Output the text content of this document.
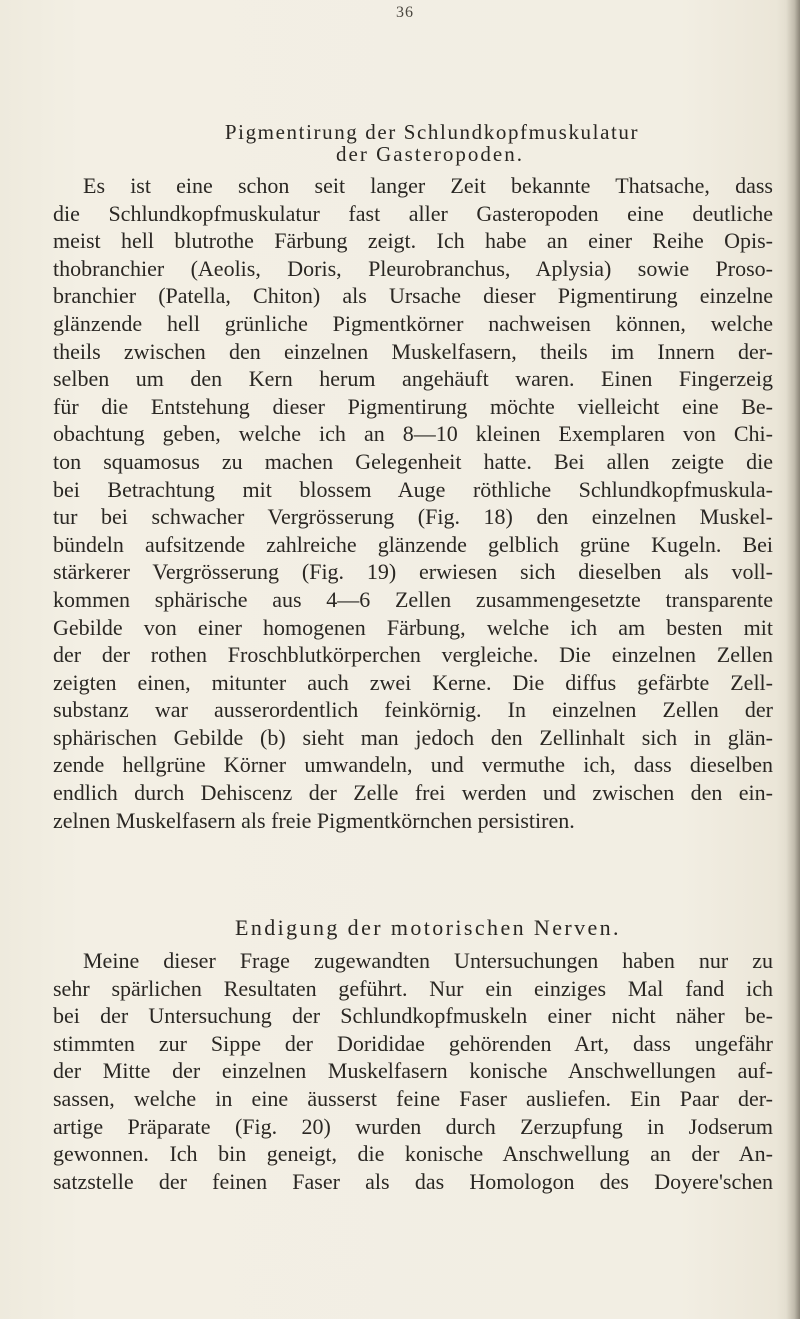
36
Pigmentirung der Schlundkopfmuskulatur
der Gasteropoden.
Es ist eine schon seit langer Zeit bekannte Thatsache, dass
die Schlundkopfmuskulatur fast aller Gasteropoden eine deutliche
meist hell blutrothe Färbung zeigt. Ich habe an einer Reihe Opis-
thobranchier (Aeolis, Doris, Pleurobranchus, Aplysia) sowie Proso-
branchier (Patella, Chiton) als Ursache dieser Pigmentirung einzelne
glänzende hell grünliche Pigmentkörner nachweisen können, welche
theils zwischen den einzelnen Muskelfasern, theils im Innern der-
selben um den Kern herum angehäuft waren. Einen Fingerzeig
für die Entstehung dieser Pigmentirung möchte vielleicht eine Be-
obachtung geben, welche ich an 8—10 kleinen Exemplaren von Chi-
ton squamosus zu machen Gelegenheit hatte. Bei allen zeigte die
bei Betrachtung mit blossem Auge röthliche Schlundkopfmuskula-
tur bei schwacher Vergrösserung (Fig. 18) den einzelnen Muskel-
bündeln aufsitzende zahlreiche glänzende gelblich grüne Kugeln. Bei
stärkerer Vergrösserung (Fig. 19) erwiesen sich dieselben als voll-
kommen sphärische aus 4—6 Zellen zusammengesetzte transparente
Gebilde von einer homogenen Färbung, welche ich am besten mit
der der rothen Froschblutkörperchen vergleiche. Die einzelnen Zellen
zeigten einen, mitunter auch zwei Kerne. Die diffus gefärbte Zell-
substanz war ausserordentlich feinkörnig. In einzelnen Zellen der
sphärischen Gebilde (b) sieht man jedoch den Zellinhalt sich in glän-
zende hellgrüne Körner umwandeln, und vermuthe ich, dass dieselben
endlich durch Dehiscenz der Zelle frei werden und zwischen den ein-
zelnen Muskelfasern als freie Pigmentkörnchen persistiren.
Endigung der motorischen Nerven.
Meine dieser Frage zugewandten Untersuchungen haben nur zu
sehr spärlichen Resultaten geführt. Nur ein einziges Mal fand ich
bei der Untersuchung der Schlundkopfmuskeln einer nicht näher be-
stimmten zur Sippe der Dorididae gehörenden Art, dass ungefähr
der Mitte der einzelnen Muskelfasern konische Anschwellungen auf-
sassen, welche in eine äusserst feine Faser ausliefen. Ein Paar der-
artige Präparate (Fig. 20) wurden durch Zerzupfung in Jodserum
gewonnen. Ich bin geneigt, die konische Anschwellung an der An-
satzstelle der feinen Faser als das Homologon des Doyere'schen
